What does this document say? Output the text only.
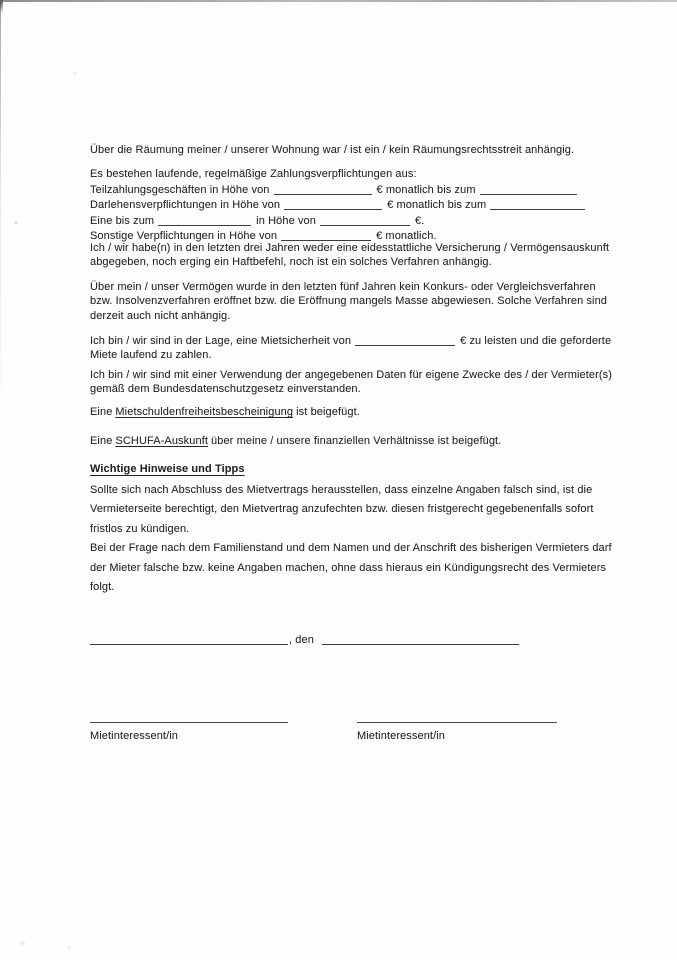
Über die Räumung meiner / unserer Wohnung war / ist ein / kein Räumungsrechtsstreit anhängig.
Es bestehen laufende, regelmäßige Zahlungsverpflichtungen aus:
Teilzahlungsgeschäften in Höhe von	€ monatlich bis zum
Darlehensverpflichtungen in Höhe von	€ monatlich bis zum
Eine bis zum	in Höhe von	€.
Sonstige Verpflichtungen in Höhe von	€ monatlich.
Ich / wir habe(n) in den letzten drei Jahren weder eine eidesstattliche Versicherung / Vermögensauskunft
abgegeben, noch erging ein Haftbefehl, noch ist ein solches Verfahren anhängig.
Über mein / unser Vermögen wurde in den letzten fünf Jahren kein Konkurs- oder Vergleichsverfahren
bzw. Insolvenzverfahren eröffnet bzw. die Eröffnung mangels Masse abgewiesen. Solche Verfahren sind
derzeit auch nicht anhängig.
Ich bin / wir sind in der Lage, eine Mietsicherheit von	€ zu leisten und die geforderte
Miete laufend zu zahlen.
Ich bin / wir sind mit einer Verwendung der angegebenen Daten für eigene Zwecke des / der Vermieter(s)
gemäß dem Bundesdatenschutzgesetz einverstanden.
Eine Mietschuldenfreiheitsbescheinigung ist beigefügt.
Eine SCHUFA-Auskunft über meine / unsere finanziellen Verhältnisse ist beigefügt.
Wichtige Hinweise und Tipps
Sollte sich nach Abschluss des Mietvertrags herausstellen, dass einzelne Angaben falsch sind, ist die
Vermieterseite berechtigt, den Mietvertrag anzufechten bzw. diesen fristgerecht gegebenenfalls sofort
fristlos zu kündigen.
Bei der Frage nach dem Familienstand und dem Namen und der Anschrift des bisherigen Vermieters darf
der Mieter falsche bzw. keine Angaben machen, ohne dass hieraus ein Kündigungsrecht des Vermieters
folgt.
, den
Mietinteressent/in	Mietinteressent/in
